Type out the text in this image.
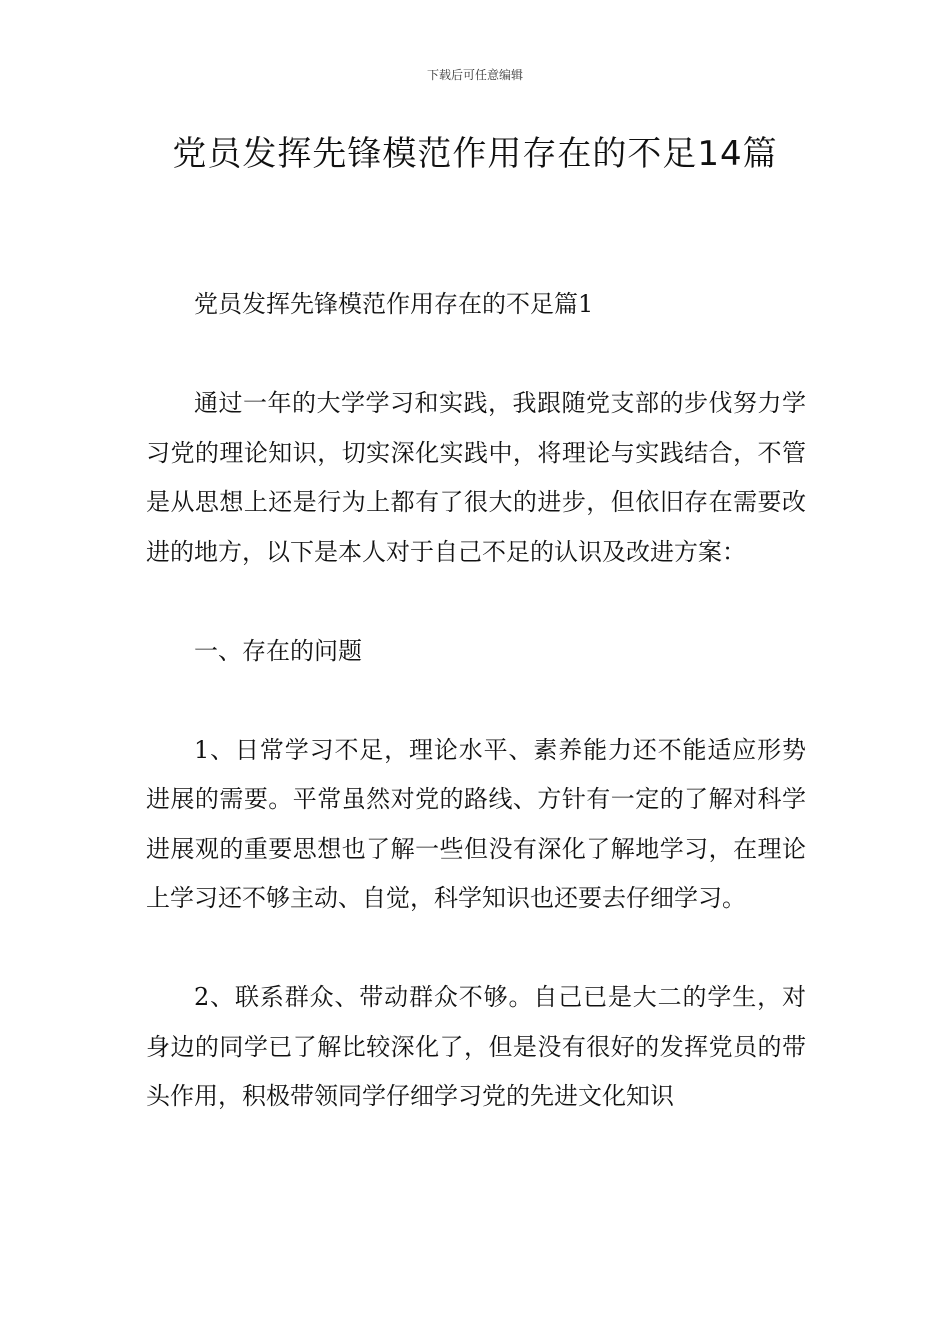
下载后可任意编辑
党员发挥先锋模范作用存在的不足14篇

党员发挥先锋模范作用存在的不足篇1

通过一年的大学学习和实践，我跟随党支部的步伐努力学习党的理论知识，切实深化实践中，将理论与实践结合，不管是从思想上还是行为上都有了很大的进步，但依旧存在需要改进的地方，以下是本人对于自己不足的认识及改进方案：

一、存在的问题

1、日常学习不足，理论水平、素养能力还不能适应形势进展的需要。平常虽然对党的路线、方针有一定的了解对科学进展观的重要思想也了解一些但没有深化了解地学习，在理论上学习还不够主动、自觉，科学知识也还要去仔细学习。

2、联系群众、带动群众不够。自己已是大二的学生，对身边的同学已了解比较深化了，但是没有很好的发挥党员的带头作用，积极带领同学仔细学习党的先进文化知识
